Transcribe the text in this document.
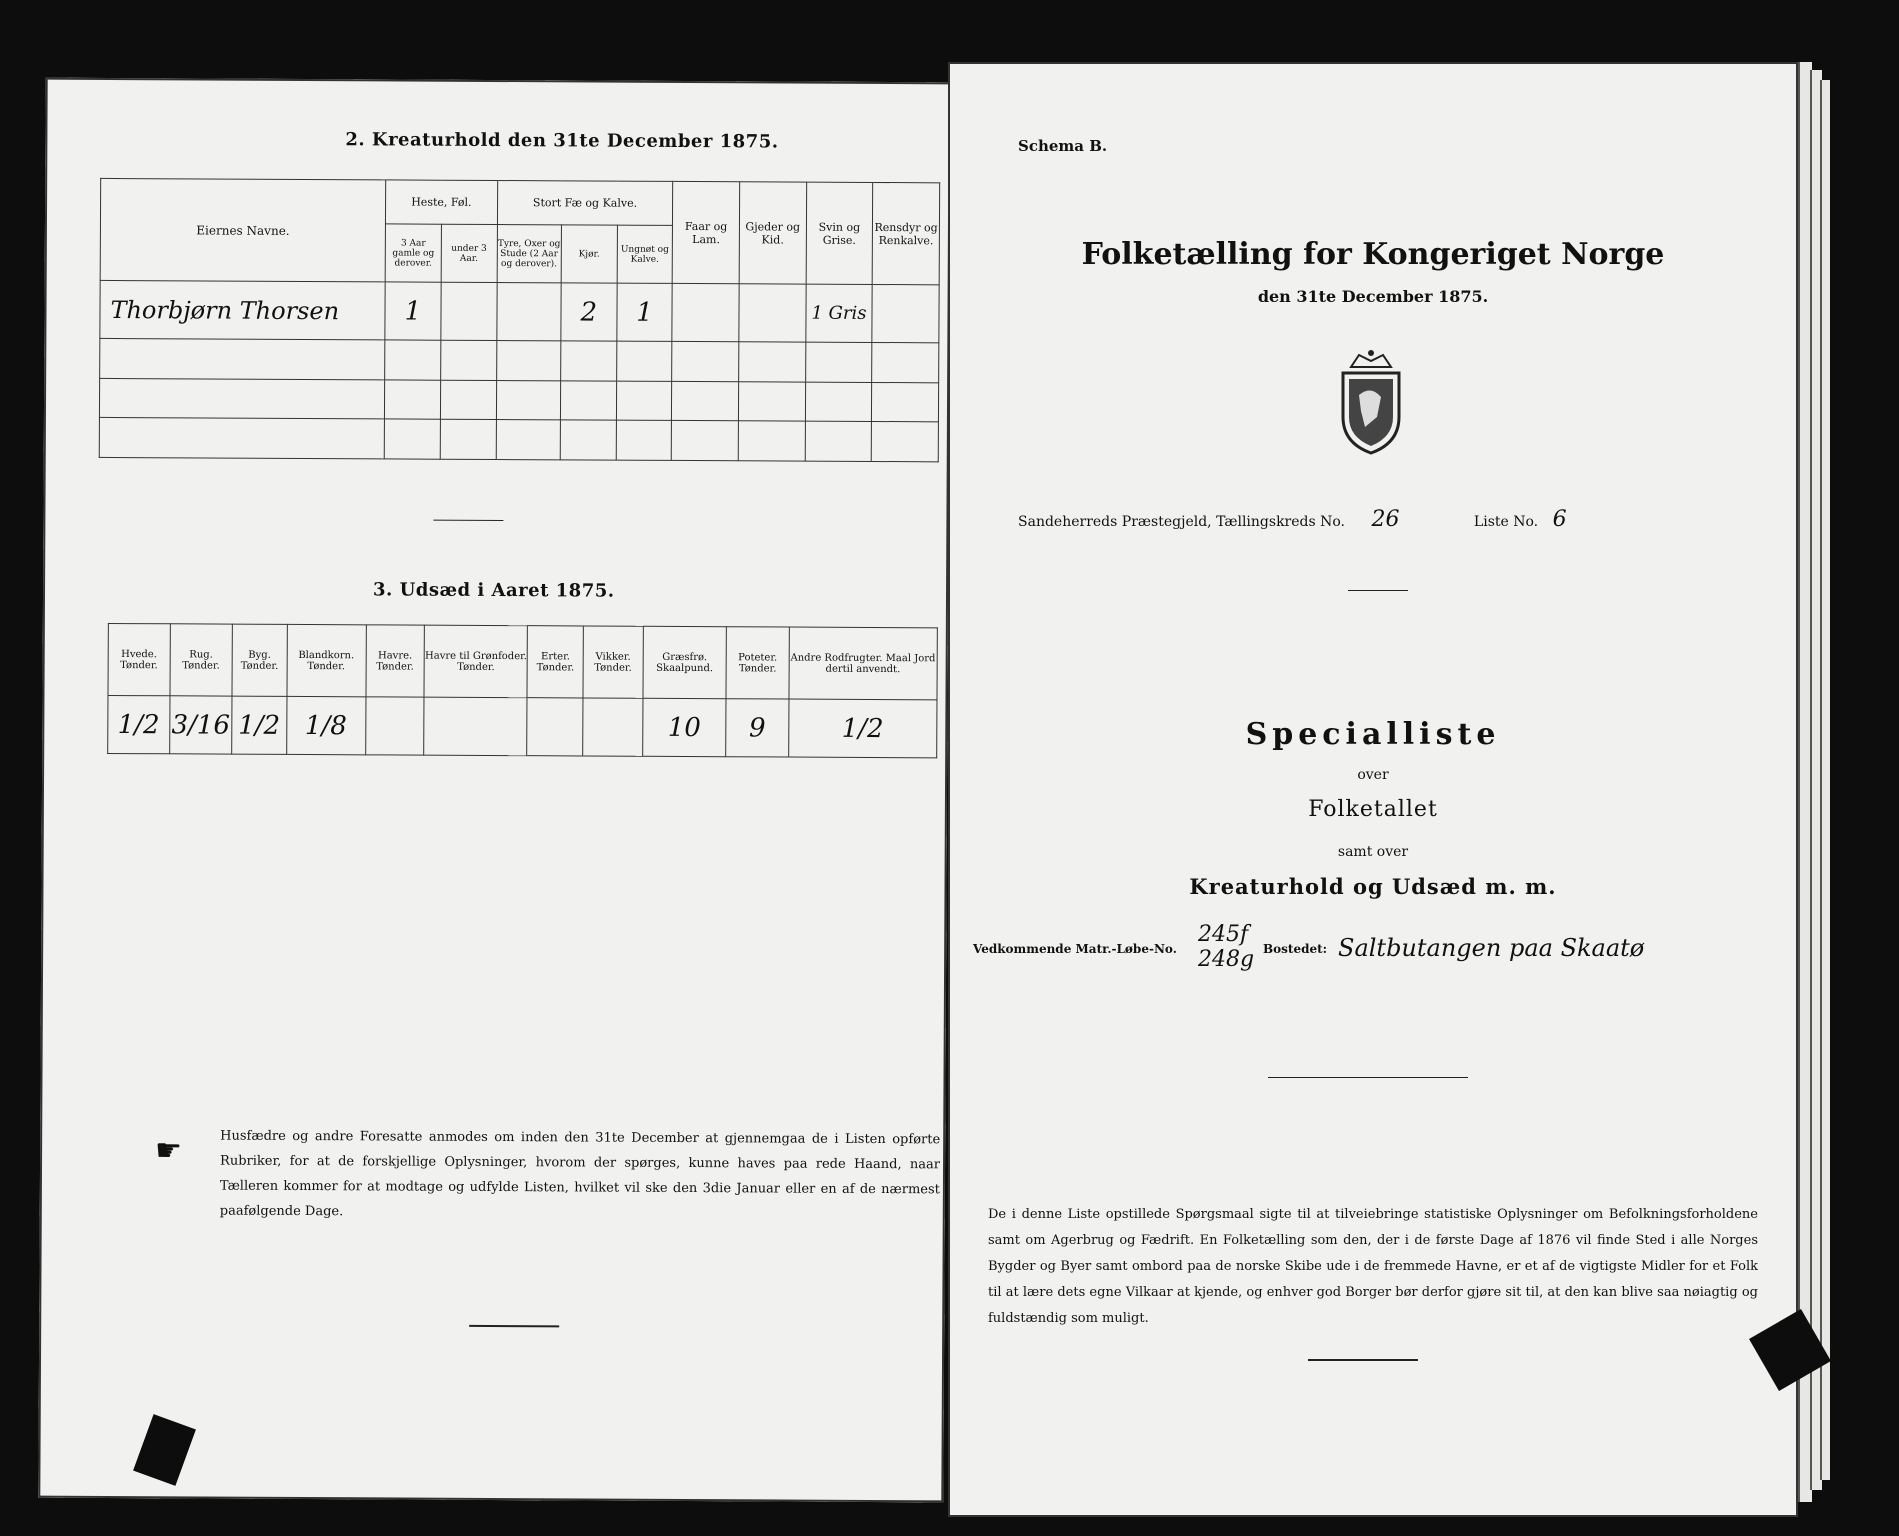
2. Kreaturhold den 31te December 1875.
Eiernes Navne.	Heste, Føl.		Stort Fæ og Kalve.			Faar og Lam.	Gjeder og Kid.	Svin og Grise.	Rensdyr og Renkalve.
	3 Aar gamle og derover.	under 3 Aar.	Tyre, Oxer og Stude (2 Aar og derover).	Kjør.	Ungnøt og Kalve.				
Thorbjørn Thorsen	1			2	1			1 Gris	

3. Udsæd i Aaret 1875.
Hvede. Tønder.	Rug. Tønder.	Byg. Tønder.	Blandkorn. Tønder.	Havre. Tønder.	Havre til Grønfoder. Tønder.	Erter. Tønder.	Vikker. Tønder.	Græsfrø. Skaalpund.	Poteter. Tønder.	Andre Rodfrugter. Maal Jord dertil anvendt.
1/2	3/16	1/2	1/8					10	9	1/2
☛	Husfædre og andre Foresatte anmodes om inden den 31te December at gjennemgaa de i Listen opførte Rubriker, for at de forskjellige Oplysninger, hvorom der spørges, kunne haves paa rede Haand, naar Tælleren kommer for at modtage og udfylde Listen, hvilket vil ske den 3die Januar eller en af de nærmest paafølgende Dage.
Schema B.
Folketælling for Kongeriget Norge
den 31te December 1875.
Sandeherreds Præstegjeld, Tællingskreds No. 26	Liste No. 6
Specialliste
over
Folketallet
samt over
Kreaturhold og Udsæd m. m.
Vedkommende Matr.-Løbe-No.
245f
248g Bostedet: Saltbutangen paa Skaatø
De i denne Liste opstillede Spørgsmaal sigte til at tilveiebringe statistiske Oplysninger om Befolkningsforholdene samt om Agerbrug og Fædrift. En Folketælling som den, der i de første Dage af 1876 vil finde Sted i alle Norges Bygder og Byer samt ombord paa de norske Skibe ude i de fremmede Havne, er et af de vigtigste Midler for et Folk til at lære dets egne Vilkaar at kjende, og enhver god Borger bør derfor gjøre sit til, at den kan blive saa nøiagtig og fuldstændig som muligt.
